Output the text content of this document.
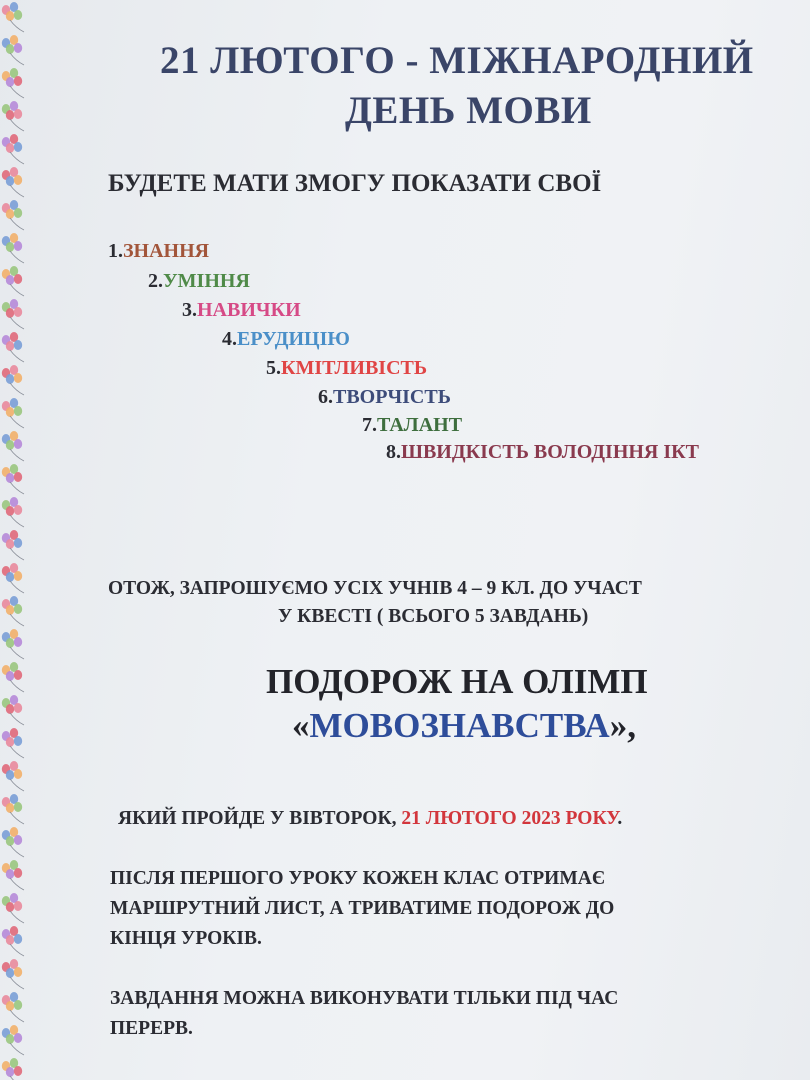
21 ЛЮТОГО - МІЖНАРОДНИЙ
ДЕНЬ МОВИ
БУДЕТЕ МАТИ ЗМОГУ ПОКАЗАТИ СВОЇ
1.ЗНАННЯ
2.УМІННЯ
3.НАВИЧКИ
4.ЕРУДИЦІЮ
5.КМІТЛИВІСТЬ
6.ТВОРЧІСТЬ
7.ТАЛАНТ
8.ШВИДКІСТЬ ВОЛОДІННЯ ІКТ
ОТОЖ, ЗАПРОШУЄМО УСІХ УЧНІВ 4 – 9 КЛ. ДО УЧАСТ
У КВЕСТІ ( ВСЬОГО 5 ЗАВДАНЬ)
ПОДОРОЖ НА ОЛІМП
«МОВОЗНАВСТВА»,
ЯКИЙ ПРОЙДЕ У ВІВТОРОК, 21 ЛЮТОГО 2023 РОКУ.
ПІСЛЯ ПЕРШОГО УРОКУ КОЖЕН КЛАС ОТРИМАЄ
МАРШРУТНИЙ ЛИСТ, А ТРИВАТИМЕ ПОДОРОЖ ДО
КІНЦЯ УРОКІВ.
ЗАВДАННЯ МОЖНА ВИКОНУВАТИ ТІЛЬКИ ПІД ЧАС
ПЕРЕРВ.
